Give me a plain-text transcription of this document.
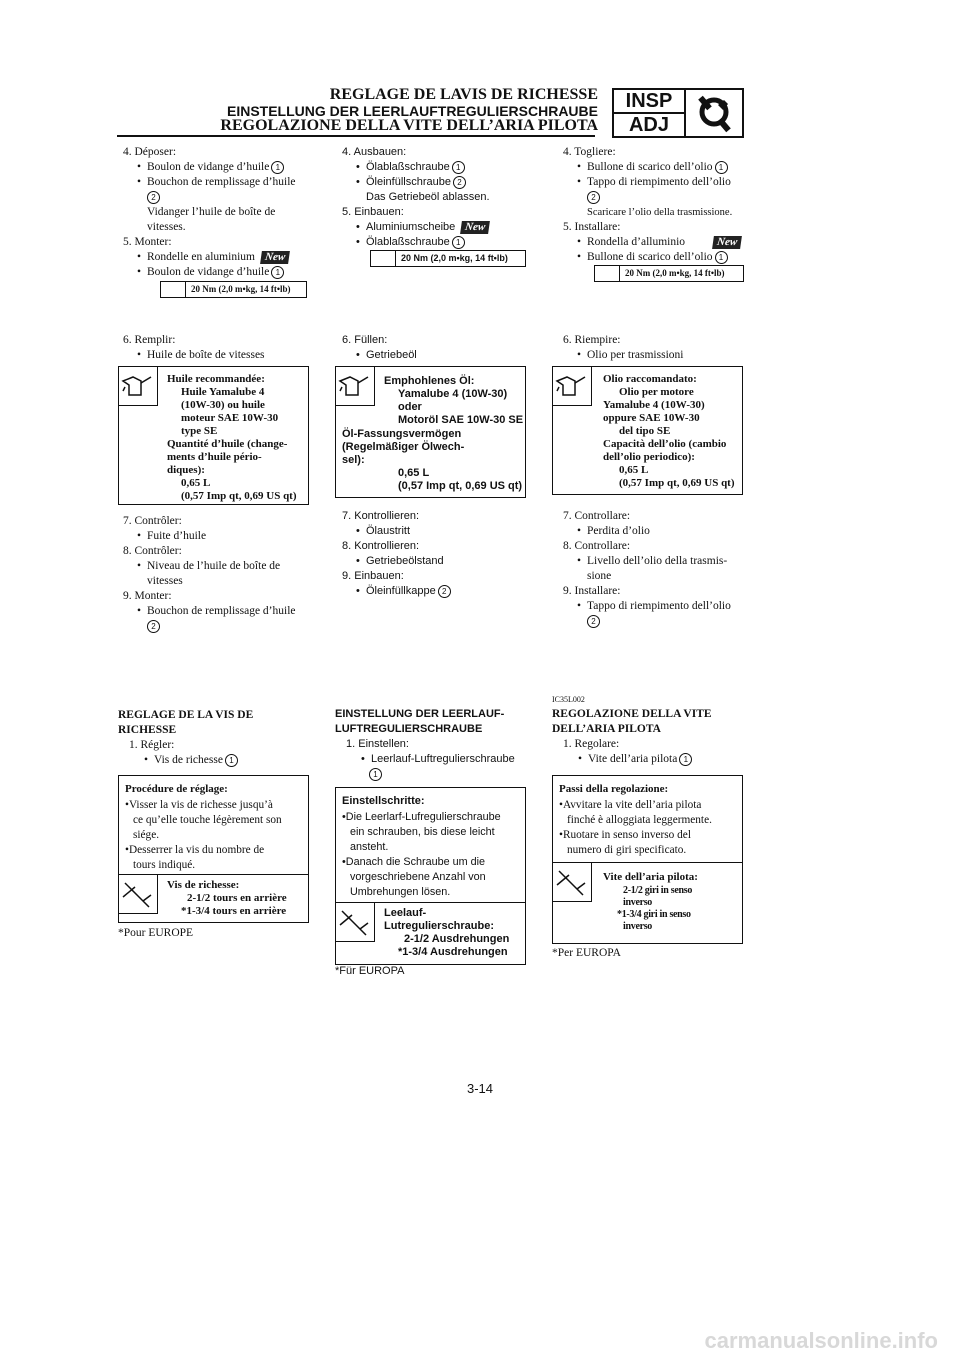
REGLAGE DE LAVIS DE RICHESSE
EINSTELLUNG DER LEERLAUFTREGULIERSCHRAUBE
REGOLAZIONE DELLA VITE DELL’ARIA PILOTA
INSP
ADJ
4. Déposer:
• Boulon de vidange d’huile 1
• Bouchon de remplissage d’huile
2
Vidanger l’huile de boîte de
vitesses.
5. Monter:
• Rondelle en aluminium New
• Boulon de vidange d’huile 1
20 Nm (2,0 m•kg, 14 ft•lb)
6. Remplir:
• Huile de boîte de vitesses
Huile recommandée:
Huile Yamalube 4
(10W-30) ou huile
moteur SAE 10W-30
type SE
Quantité d’huile (change-
ments d’huile pério-
diques):
0,65 L
(0,57 Imp qt, 0,69 US qt)
7. Contrôler:
• Fuite d’huile
8. Contrôler:
• Niveau de l’huile de boîte de
vitesses
9. Monter:
• Bouchon de remplissage d’huile
2
REGLAGE DE LA VIS DE
RICHESSE
1. Régler:
• Vis de richesse 1
Procédure de réglage:
•Visser la vis de richesse jusqu’à
ce qu’elle touche légèrement son
siége.
•Desserrer la vis du nombre de
tours indiqué.
Vis de richesse:
2-1/2 tours en arrière
*1-3/4 tours en arrière
*Pour EUROPE
4. Ausbauen:
• Ölablaßschraube 1
• Öleinfüllschraube 2
Das Getriebeöl ablassen.
5. Einbauen:
• Aluminiumscheibe New
• Ölablaßschraube 1
20 Nm (2,0 m•kg, 14 ft•lb)
6. Füllen:
• Getriebeöl
Emphohlenes Öl:
Yamalube 4 (10W-30)
oder
Motoröl SAE 10W-30 SE
Öl-Fassungsvermögen
(Regelmäßiger Ölwech-
sel):
0,65 L
(0,57 Imp qt, 0,69 US qt)
7. Kontrollieren:
• Ölaustritt
8. Kontrollieren:
• Getriebeölstand
9. Einbauen:
• Öleinfüllkappe 2
EINSTELLUNG DER LEERLAUF-
LUFTREGULIERSCHRAUBE
1. Einstellen:
• Leerlauf-Luftregulierschraube
1
Einstellschritte:
•Die Leerlarf-Lufregulierschraube
ein schrauben, bis diese leicht
ansteht.
•Danach die Schraube um die
vorgeschriebene Anzahl von
Umbrehungen lösen.
Leelauf-
Lutregulierschraube:
2-1/2 Ausdrehungen
*1-3/4 Ausdrehungen
*Für EUROPA
4. Togliere:
• Bullone di scarico dell’olio 1
• Tappo di riempimento dell’olio
2
Scaricare l’olio della trasmissione.
5. Installare:
• Rondella d’alluminio	New
• Bullone di scarico dell’olio 1
20 Nm (2,0 m•kg, 14 ft•lb)
6. Riempire:
• Olio per trasmissioni
Olio raccomandato:
Olio per motore
Yamalube 4 (10W-30)
oppure SAE 10W-30
del tipo SE
Capacità dell’olio (cambio
dell’olio periodico):
0,65 L
(0,57 Imp qt, 0,69 US qt)
7. Controllare:
• Perdita d’olio
8. Controllare:
• Livello dell’olio della trasmis-
sione
9. Installare:
• Tappo di riempimento dell’olio
2
IC35L002
REGOLAZIONE DELLA VITE
DELL’ARIA PILOTA
1. Regolare:
• Vite dell’aria pilota 1
Passi della regolazione:
•Avvitare la vite dell’aria pilota
finché è alloggiata leggermente.
•Ruotare in senso inverso del
numero di giri specificato.
Vite dell’aria pilota:
2-1/2 giri in senso
inverso
*1-3/4 giri in senso
inverso
*Per EUROPA
3-14
carmanualsonline.info
